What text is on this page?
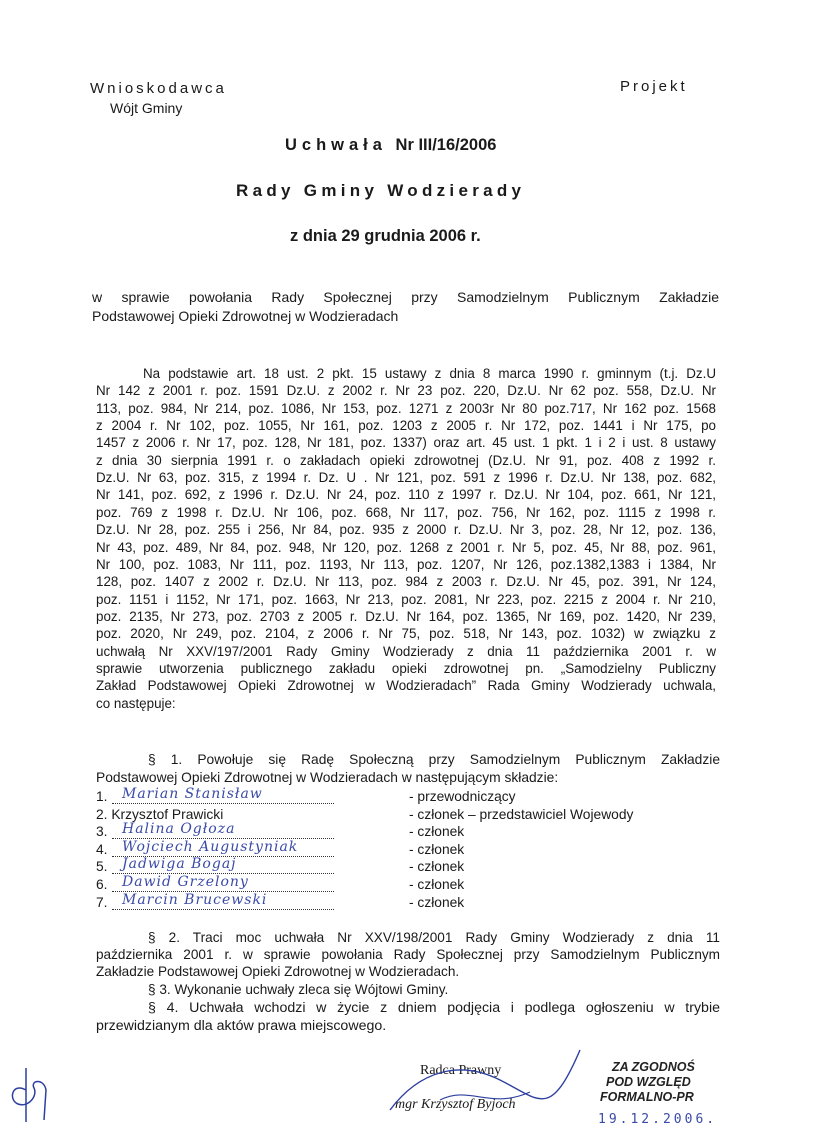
Wnioskodawca
Wójt Gminy
Projekt
Uchwała Nr III/16/2006
Rady Gminy Wodzierady
z dnia 29 grudnia 2006 r.
w sprawie powołania Rady Społecznej przy Samodzielnym Publicznym Zakładzie
Podstawowej Opieki Zdrowotnej w Wodzieradach
Na podstawie art. 18 ust. 2 pkt. 15 ustawy z dnia 8 marca 1990 r. gminnym (t.j. Dz.U
Nr 142 z 2001 r. poz. 1591 Dz.U. z 2002 r. Nr 23 poz. 220, Dz.U. Nr 62 poz. 558, Dz.U. Nr
113, poz. 984, Nr 214, poz. 1086, Nr 153, poz. 1271 z 2003r Nr 80 poz.717, Nr 162 poz. 1568
z 2004 r. Nr 102, poz. 1055, Nr 161, poz. 1203 z 2005 r. Nr 172, poz. 1441 i Nr 175, po
1457 z 2006 r. Nr 17, poz. 128, Nr 181, poz. 1337) oraz art. 45 ust. 1 pkt. 1 i 2 i ust. 8 ustawy
z dnia 30 sierpnia 1991 r. o zakładach opieki zdrowotnej (Dz.U. Nr 91, poz. 408 z 1992 r.
Dz.U. Nr 63, poz. 315, z 1994 r. Dz. U . Nr 121, poz. 591 z 1996 r. Dz.U. Nr 138, poz. 682,
Nr 141, poz. 692, z 1996 r. Dz.U. Nr 24, poz. 110 z 1997 r. Dz.U. Nr 104, poz. 661, Nr 121,
poz. 769 z 1998 r. Dz.U. Nr 106, poz. 668, Nr 117, poz. 756, Nr 162, poz. 1115 z 1998 r.
Dz.U. Nr 28, poz. 255 i 256, Nr 84, poz. 935 z 2000 r. Dz.U. Nr 3, poz. 28, Nr 12, poz. 136,
Nr 43, poz. 489, Nr 84, poz. 948, Nr 120, poz. 1268 z 2001 r. Nr 5, poz. 45, Nr 88, poz. 961,
Nr 100, poz. 1083, Nr 111, poz. 1193, Nr 113, poz. 1207, Nr 126, poz.1382,1383 i 1384, Nr
128, poz. 1407 z 2002 r. Dz.U. Nr 113, poz. 984 z 2003 r. Dz.U. Nr 45, poz. 391, Nr 124,
poz. 1151 i 1152, Nr 171, poz. 1663, Nr 213, poz. 2081, Nr 223, poz. 2215 z 2004 r. Nr 210,
poz. 2135, Nr 273, poz. 2703 z 2005 r. Dz.U. Nr 164, poz. 1365, Nr 169, poz. 1420, Nr 239,
poz. 2020, Nr 249, poz. 2104, z 2006 r. Nr 75, poz. 518, Nr 143, poz. 1032) w związku z
uchwałą Nr XXV/197/2001 Rady Gminy Wodzierady z dnia 11 października 2001 r. w
sprawie utworzenia publicznego zakładu opieki zdrowotnej pn. „Samodzielny Publiczny
Zakład Podstawowej Opieki Zdrowotnej w Wodzieradach” Rada Gminy Wodzierady uchwala,
co następuje:
§ 1. Powołuje się Radę Społeczną przy Samodzielnym Publicznym Zakładzie
Podstawowej Opieki Zdrowotnej w Wodzieradach w następującym składzie:
1. Marian Stanisław	- przewodniczący
2. Krzysztof Prawicki	- członek – przedstawiciel Wojewody
3. Halina Ogłoza	- członek
4. Wojciech Augustyniak	- członek
5. Jadwiga Bogaj	- członek
6. Dawid Grzelony	- członek
7. Marcin Brucewski	- członek
§ 2. Traci moc uchwała Nr XXV/198/2001 Rady Gminy Wodzierady z dnia 11
października 2001 r. w sprawie powołania Rady Społecznej przy Samodzielnym Publicznym
Zakładzie Podstawowej Opieki Zdrowotnej w Wodzieradach.
§ 3. Wykonanie uchwały zleca się Wójtowi Gminy.
§ 4. Uchwała wchodzi w życie z dniem podjęcia i podlega ogłoszeniu w trybie
przewidzianym dla aktów prawa miejscowego.
Radca Prawny
mgr Krzysztof Byjoch
ZA ZGODNOŚ
POD WZGLĘD
FORMALNO-PR
19.12.2006.
